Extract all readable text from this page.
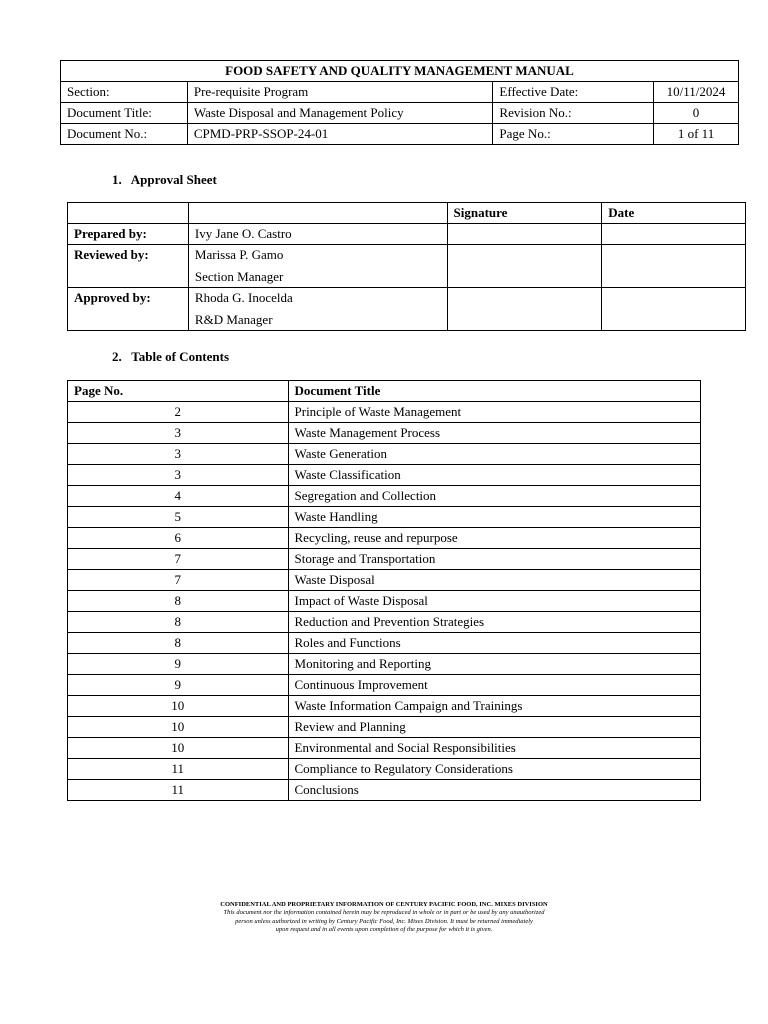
FOOD SAFETY AND QUALITY MANAGEMENT MANUAL			
Section:	Pre-requisite Program	Effective Date:	10/11/2024
Document Title:	Waste Disposal and Management Policy	Revision No.:	0
Document No.:	CPMD-PRP-SSOP-24-01	Page No.:	1 of 11
1. Approval Sheet
		Signature	Date
Prepared by:	Ivy Jane O. Castro		
Reviewed by:	Marissa P. Gamo
Section Manager		

Approved by:	Rhoda G. Inocelda
R&D Manager		

2. Table of Contents
Page No.	Document Title
2	Principle of Waste Management
3	Waste Management Process
3	Waste Generation
3	Waste Classification
4	Segregation and Collection
5	Waste Handling
6	Recycling, reuse and repurpose
7	Storage and Transportation
7	Waste Disposal
8	Impact of Waste Disposal
8	Reduction and Prevention Strategies
8	Roles and Functions
9	Monitoring and Reporting
9	Continuous Improvement
10	Waste Information Campaign and Trainings
10	Review and Planning
10	Environmental and Social Responsibilities
11	Compliance to Regulatory Considerations
11	Conclusions
CONFIDENTIAL AND PROPRIETARY INFORMATION OF CENTURY PACIFIC FOOD, INC. MIXES DIVISION
This document nor the information contained herein may be reproduced in whole or in part or be used by any unauthorized
person unless authorized in writing by Century Pacific Food, Inc. Mixes Division. It must be returned immediately
upon request and in all events upon completion of the purpose for which it is given.
